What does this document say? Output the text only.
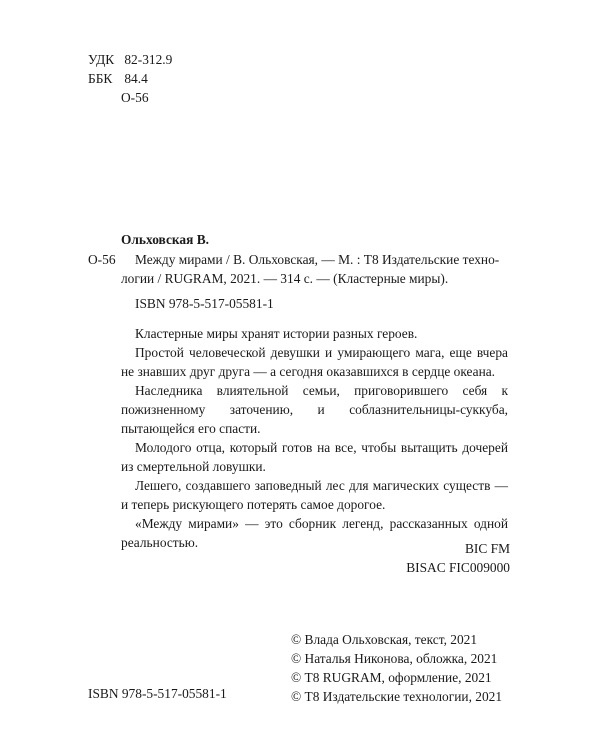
УДК 82-312.9
ББК 84.4
О-56
Ольховская В.
О-56 Между мирами / В. Ольховская, — М. : Т8 Издательские техно-
логии / RUGRAM, 2021. — 314 с. — (Кластерные миры).
ISBN 978-5-517-05581-1

Кластерные миры хранят истории разных героев.

Простой человеческой девушки и умирающего мага, еще вчера не знавших друг друга — а сегодня оказавшихся в сердце океана.

Наследника влиятельной семьи, приговорившего себя к пожизненному заточению, и соблазнительницы-суккуба, пытающейся его спасти.

Молодого отца, который готов на все, чтобы вытащить дочерей из смертельной ловушки.

Лешего, создавшего заповедный лес для магических существ — и теперь рискующего потерять самое дорогое.

«Между мирами» — это сборник легенд, рассказанных одной реальностью.	BIC FM
BISAC FIC009000
ISBN 978-5-517-05581-1
© Влада Ольховская, текст, 2021
© Наталья Никонова, обложка, 2021
© Т8 RUGRAM, оформление, 2021
© Т8 Издательские технологии, 2021
